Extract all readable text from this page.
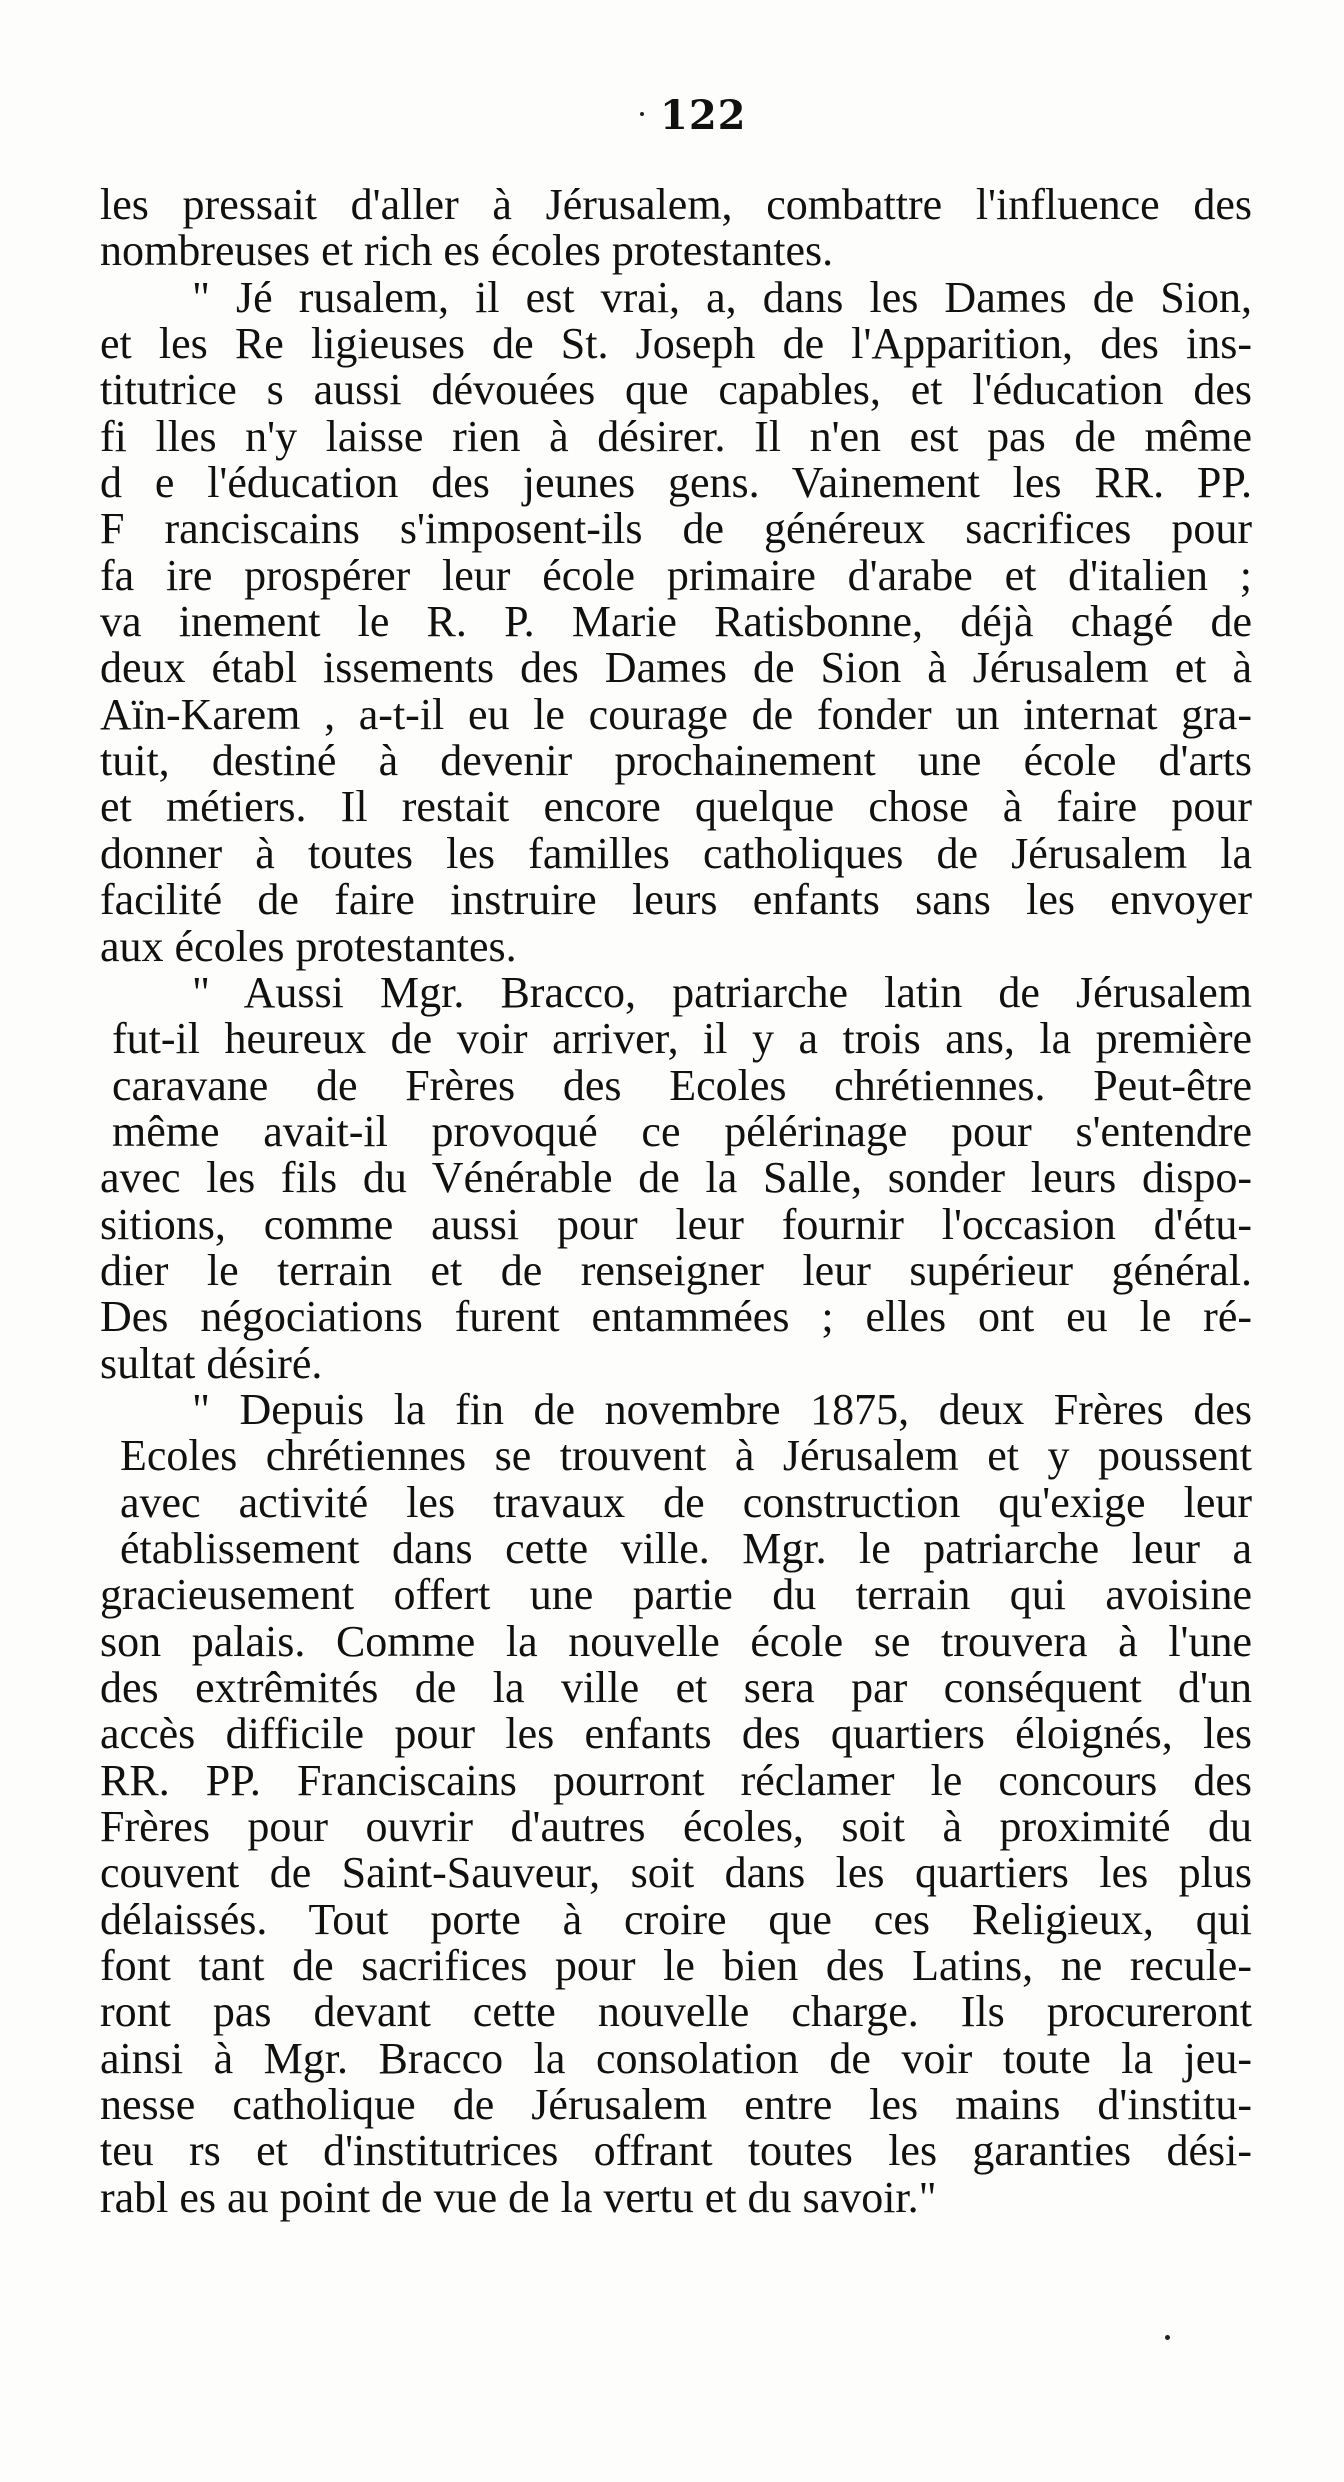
122
les pressait d'aller à Jérusalem, combattre l'influence des
nombreuses et rich es écoles protestantes.
" Jé rusalem, il est vrai, a, dans les Dames de Sion,
et les Re ligieuses de St. Joseph de l'Apparition, des ins-
titutrice s aussi dévouées que capables, et l'éducation des
fi lles n'y laisse rien à désirer. Il n'en est pas de même
d e l'éducation des jeunes gens. Vainement les RR. PP.
F ranciscains s'imposent-ils de généreux sacrifices pour
fa ire prospérer leur école primaire d'arabe et d'italien ;
va inement le R. P. Marie Ratisbonne, déjà chagé de
deux établ issements des Dames de Sion à Jérusalem et à
Aïn-Karem , a-t-il eu le courage de fonder un internat gra-
tuit, destiné à devenir prochainement une école d'arts
et métiers. Il restait encore quelque chose à faire pour
donner à toutes les familles catholiques de Jérusalem la
facilité de faire instruire leurs enfants sans les envoyer
aux écoles protestantes.
" Aussi Mgr. Bracco, patriarche latin de Jérusalem
fut-il heureux de voir arriver, il y a trois ans, la première
caravane de Frères des Ecoles chrétiennes. Peut-être
même avait-il provoqué ce pélérinage pour s'entendre
avec les fils du Vénérable de la Salle, sonder leurs dispo-
sitions, comme aussi pour leur fournir l'occasion d'étu-
dier le terrain et de renseigner leur supérieur général.
Des négociations furent entammées ; elles ont eu le ré-
sultat désiré.
" Depuis la fin de novembre 1875, deux Frères des
Ecoles chrétiennes se trouvent à Jérusalem et y poussent
avec activité les travaux de construction qu'exige leur
établissement dans cette ville. Mgr. le patriarche leur a
gracieusement offert une partie du terrain qui avoisine
son palais. Comme la nouvelle école se trouvera à l'une
des extrêmités de la ville et sera par conséquent d'un
accès difficile pour les enfants des quartiers éloignés, les
RR. PP. Franciscains pourront réclamer le concours des
Frères pour ouvrir d'autres écoles, soit à proximité du
couvent de Saint-Sauveur, soit dans les quartiers les plus
délaissés. Tout porte à croire que ces Religieux, qui
font tant de sacrifices pour le bien des Latins, ne recule-
ront pas devant cette nouvelle charge. Ils procureront
ainsi à Mgr. Bracco la consolation de voir toute la jeu-
nesse catholique de Jérusalem entre les mains d'institu-
teu rs et d'institutrices offrant toutes les garanties dési-
rabl es au point de vue de la vertu et du savoir."
